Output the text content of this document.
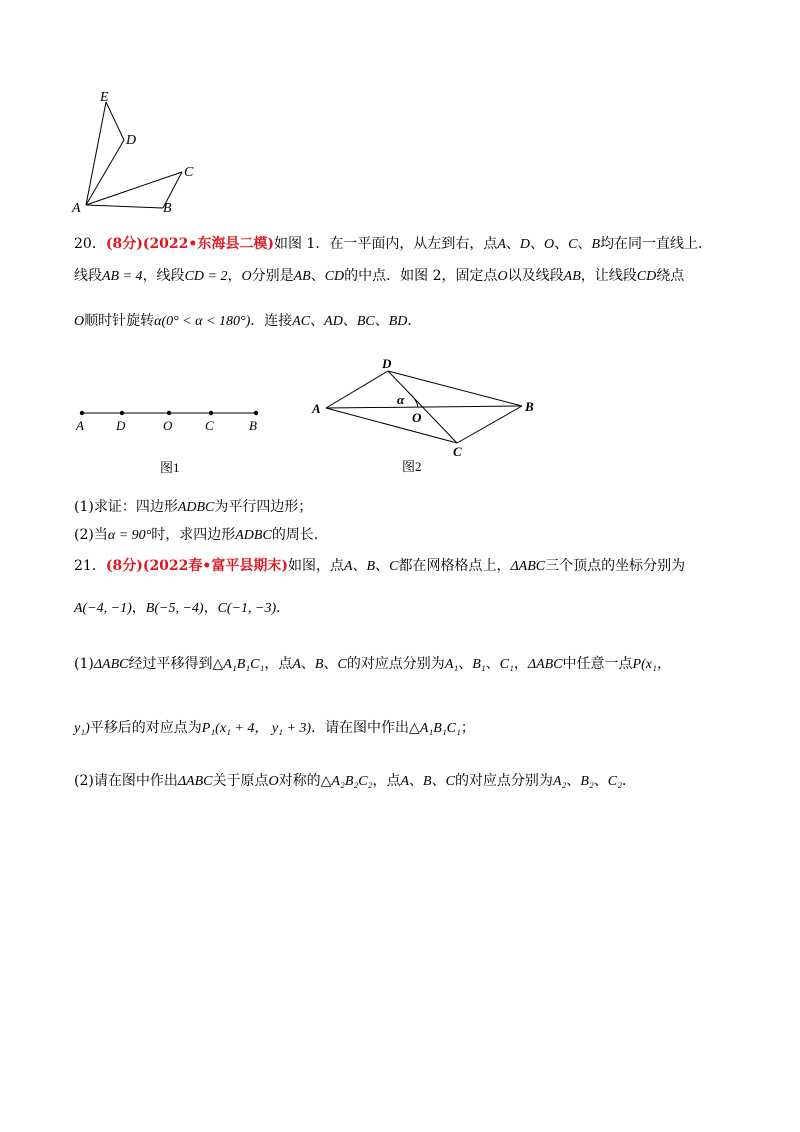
E
D
C
A	B
20．(8分)(2022•东海县二模)如图 1．在一平面内，从左到右，点A、D、O、C、B均在同一直线上．
线段AB = 4，线段CD = 2，O分别是AB、CD的中点．如图 2，固定点O以及线段AB，让线段CD绕点
O顺时针旋转α(0° < α < 180°)．连接AC、AD、BC、BD．
A D	O	C	B
图1
D
A	B
C
O
α
图2
(1)求证：四边形ADBC为平行四边形；
(2)当α = 90°时，求四边形ADBC的周长．
21．(8分)(2022春•富平县期末)如图，点A、B、C都在网格格点上，ΔABC三个顶点的坐标分别为
A(−4, −1)，B(−5, −4)，C(−1, −3)．
(1)ΔABC经过平移得到△A₁B₁C₁，点A、B、C的对应点分别为A₁、B₁、C₁，ΔABC中任意一点P(x₁，
y₁)平移后的对应点为P₁(x₁ + 4， y₁ + 3)．请在图中作出△A₁B₁C₁；
(2)请在图中作出ΔABC关于原点O对称的△A₂B₂C₂，点A、B、C的对应点分别为A₂、B₂、C₂．
